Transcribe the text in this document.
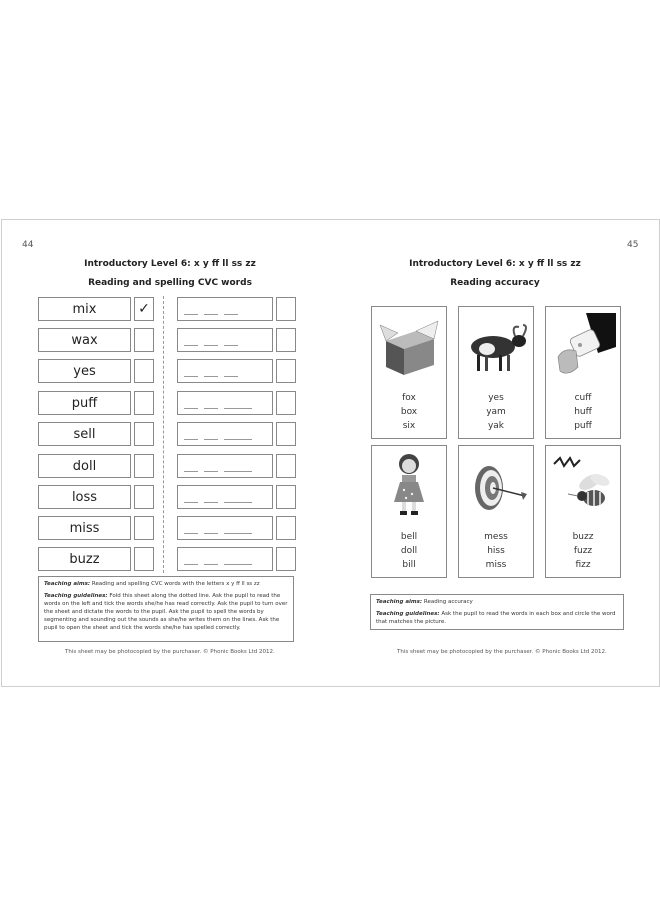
44
Introductory Level 6: x y ff ll ss zz
Reading and spelling CVC words
mix	✓
wax
yes
puff
sell
doll
loss
miss
buzz
Teaching aims: Reading and spelling CVC words with the letters x y ff ll ss zz
Teaching guidelines: Fold this sheet along the dotted line. Ask the pupil to read the words on the left and tick the words she/he has read correctly. Ask the pupil to turn over the sheet and dictate the words to the pupil. Ask the pupil to spell the words by segmenting and sounding out the sounds as she/he writes them on the lines. Ask the pupil to open the sheet and tick the words she/he has spelled correctly.
This sheet may be photocopied by the purchaser. © Phonic Books Ltd 2012.
45
Introductory Level 6: x y ff ll ss zz
Reading accuracy
fox
box
six
yes
yam
yak
cuff
huff
puff
bell
doll
bill
mess
hiss
miss
buzz
fuzz
fizz
Teaching aims: Reading accuracy
Teaching guidelines: Ask the pupil to read the words in each box and circle the word that matches the picture.
This sheet may be photocopied by the purchaser. © Phonic Books Ltd 2012.
